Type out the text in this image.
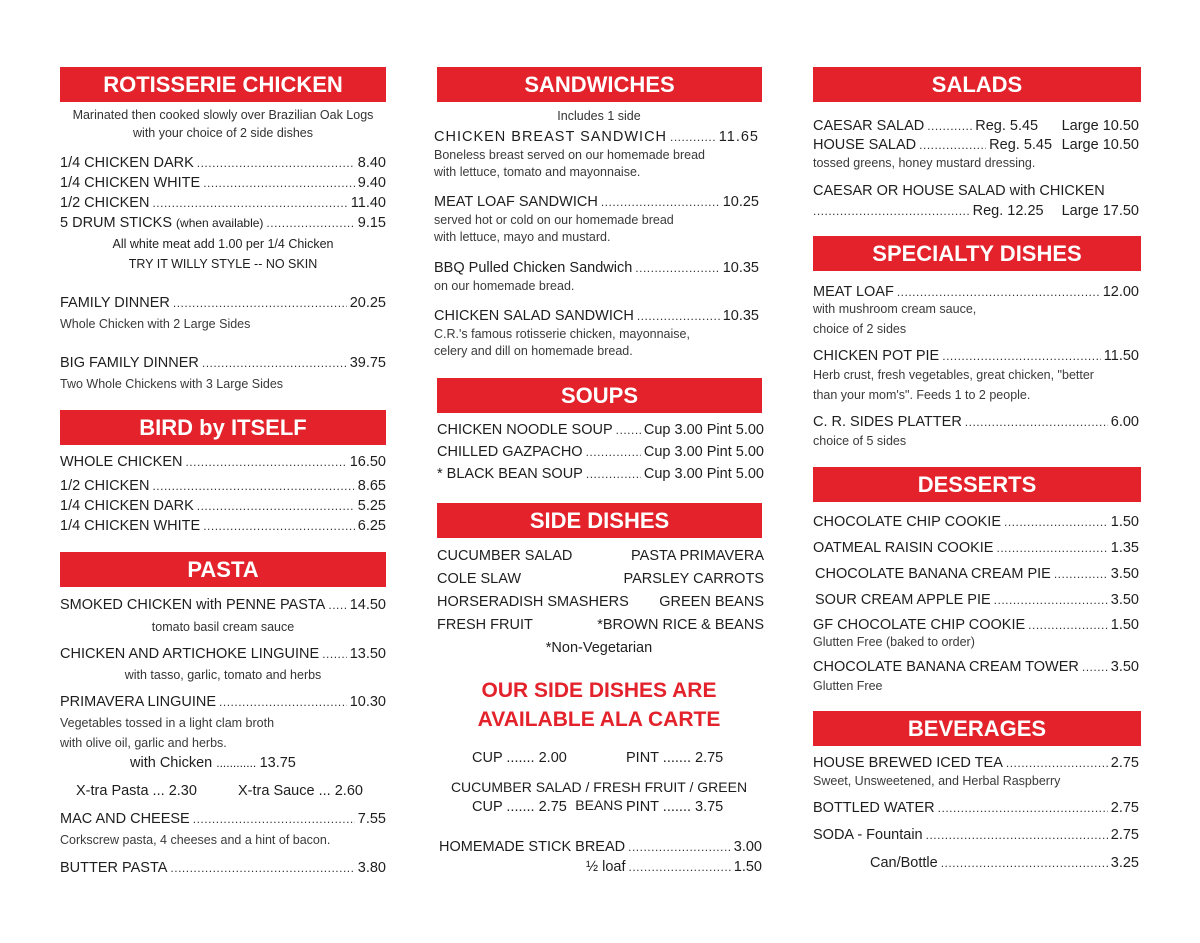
ROTISSERIE CHICKEN
Marinated then cooked slowly over Brazilian Oak Logs
with your choice of 2 side dishes
1/4 CHICKEN DARK .....	8.40
1/4 CHICKEN WHITE .....	9.40
1/2 CHICKEN .....	11.40
5 DRUM STICKS (when available) .....	9.15
All white meat add 1.00 per 1/4 Chicken
TRY IT WILLY STYLE -- NO SKIN
FAMILY DINNER .....	20.25
Whole Chicken with 2 Large Sides
BIG FAMILY DINNER .....	39.75
Two Whole Chickens with 3 Large Sides
BIRD by ITSELF
WHOLE CHICKEN .....	16.50
1/2 CHICKEN .....	8.65
1/4 CHICKEN DARK .....	5.25
1/4 CHICKEN WHITE .....	6.25
PASTA
SMOKED CHICKEN with PENNE PASTA ..... 14.50
tomato basil cream sauce
CHICKEN AND ARTICHOKE LINGUINE ..... 13.50
with tasso, garlic, tomato and herbs
PRIMAVERA LINGUINE .....	10.30
Vegetables tossed in a light clam broth
with olive oil, garlic and herbs.
with Chicken ............ 13.75
X-tra Pasta ... 2.30	X-tra Sauce ... 2.60
MAC AND CHEESE .....	7.55
Corkscrew pasta, 4 cheeses and a hint of bacon.
BUTTER PASTA .....	3.80
SANDWICHES
Includes 1 side
CHICKEN BREAST SANDWICH .....	11.65
Boneless breast served on our homemade bread
with lettuce, tomato and mayonnaise.
MEAT LOAF SANDWICH .....	10.25
served hot or cold on our homemade bread
with lettuce, mayo and mustard.
BBQ Pulled Chicken Sandwich .....	10.35
on our homemade bread.
CHICKEN SALAD SANDWICH .....	10.35
C.R.'s famous rotisserie chicken, mayonnaise,
celery and dill on homemade bread.
SOUPS
CHICKEN NOODLE SOUP ..... Cup 3.00 Pint 5.00
CHILLED GAZPACHO .....	Cup 3.00 Pint 5.00
* BLACK BEAN SOUP .....	Cup 3.00 Pint 5.00
SIDE DISHES
CUCUMBER SALAD	PASTA PRIMAVERA
COLE SLAW	PARSLEY CARROTS
HORSERADISH SMASHERS GREEN BEANS
FRESH FRUIT	*BROWN RICE & BEANS
*Non-Vegetarian
OUR SIDE DISHES ARE
AVAILABLE ALA CARTE
CUP ....... 2.00	PINT ....... 2.75
CUCUMBER SALAD / FRESH FRUIT / GREEN BEANS
CUP ....... 2.75	PINT ....... 3.75
HOMEMADE STICK BREAD .....	3.00
½ loaf .....	1.50
SALADS
CAESAR SALAD .....	Reg. 5.45 Large 10.50
HOUSE SALAD .....	Reg. 5.45 Large 10.50
tossed greens, honey mustard dressing.
CAESAR OR HOUSE SALAD with CHICKEN
.....
Reg. 12.25 Large 17.50
SPECIALTY DISHES
MEAT LOAF .....	12.00
with mushroom cream sauce,
choice of 2 sides
CHICKEN POT PIE .....	11.50
Herb crust, fresh vegetables, great chicken, "better
than your mom's". Feeds 1 to 2 people.
C. R. SIDES PLATTER .....	6.00
choice of 5 sides
DESSERTS
CHOCOLATE CHIP COOKIE .....	1.50
OATMEAL RAISIN COOKIE .....	1.35
CHOCOLATE BANANA CREAM PIE .....	3.50
SOUR CREAM APPLE PIE .....	3.50
GF CHOCOLATE CHIP COOKIE .....	1.50
Glutten Free (baked to order)
CHOCOLATE BANANA CREAM TOWER ..... 3.50
Glutten Free
BEVERAGES
HOUSE BREWED ICED TEA .....	2.75
Sweet, Unsweetened, and Herbal Raspberry
BOTTLED WATER .....	2.75
SODA - Fountain .....	2.75
Can/Bottle .....	3.25
